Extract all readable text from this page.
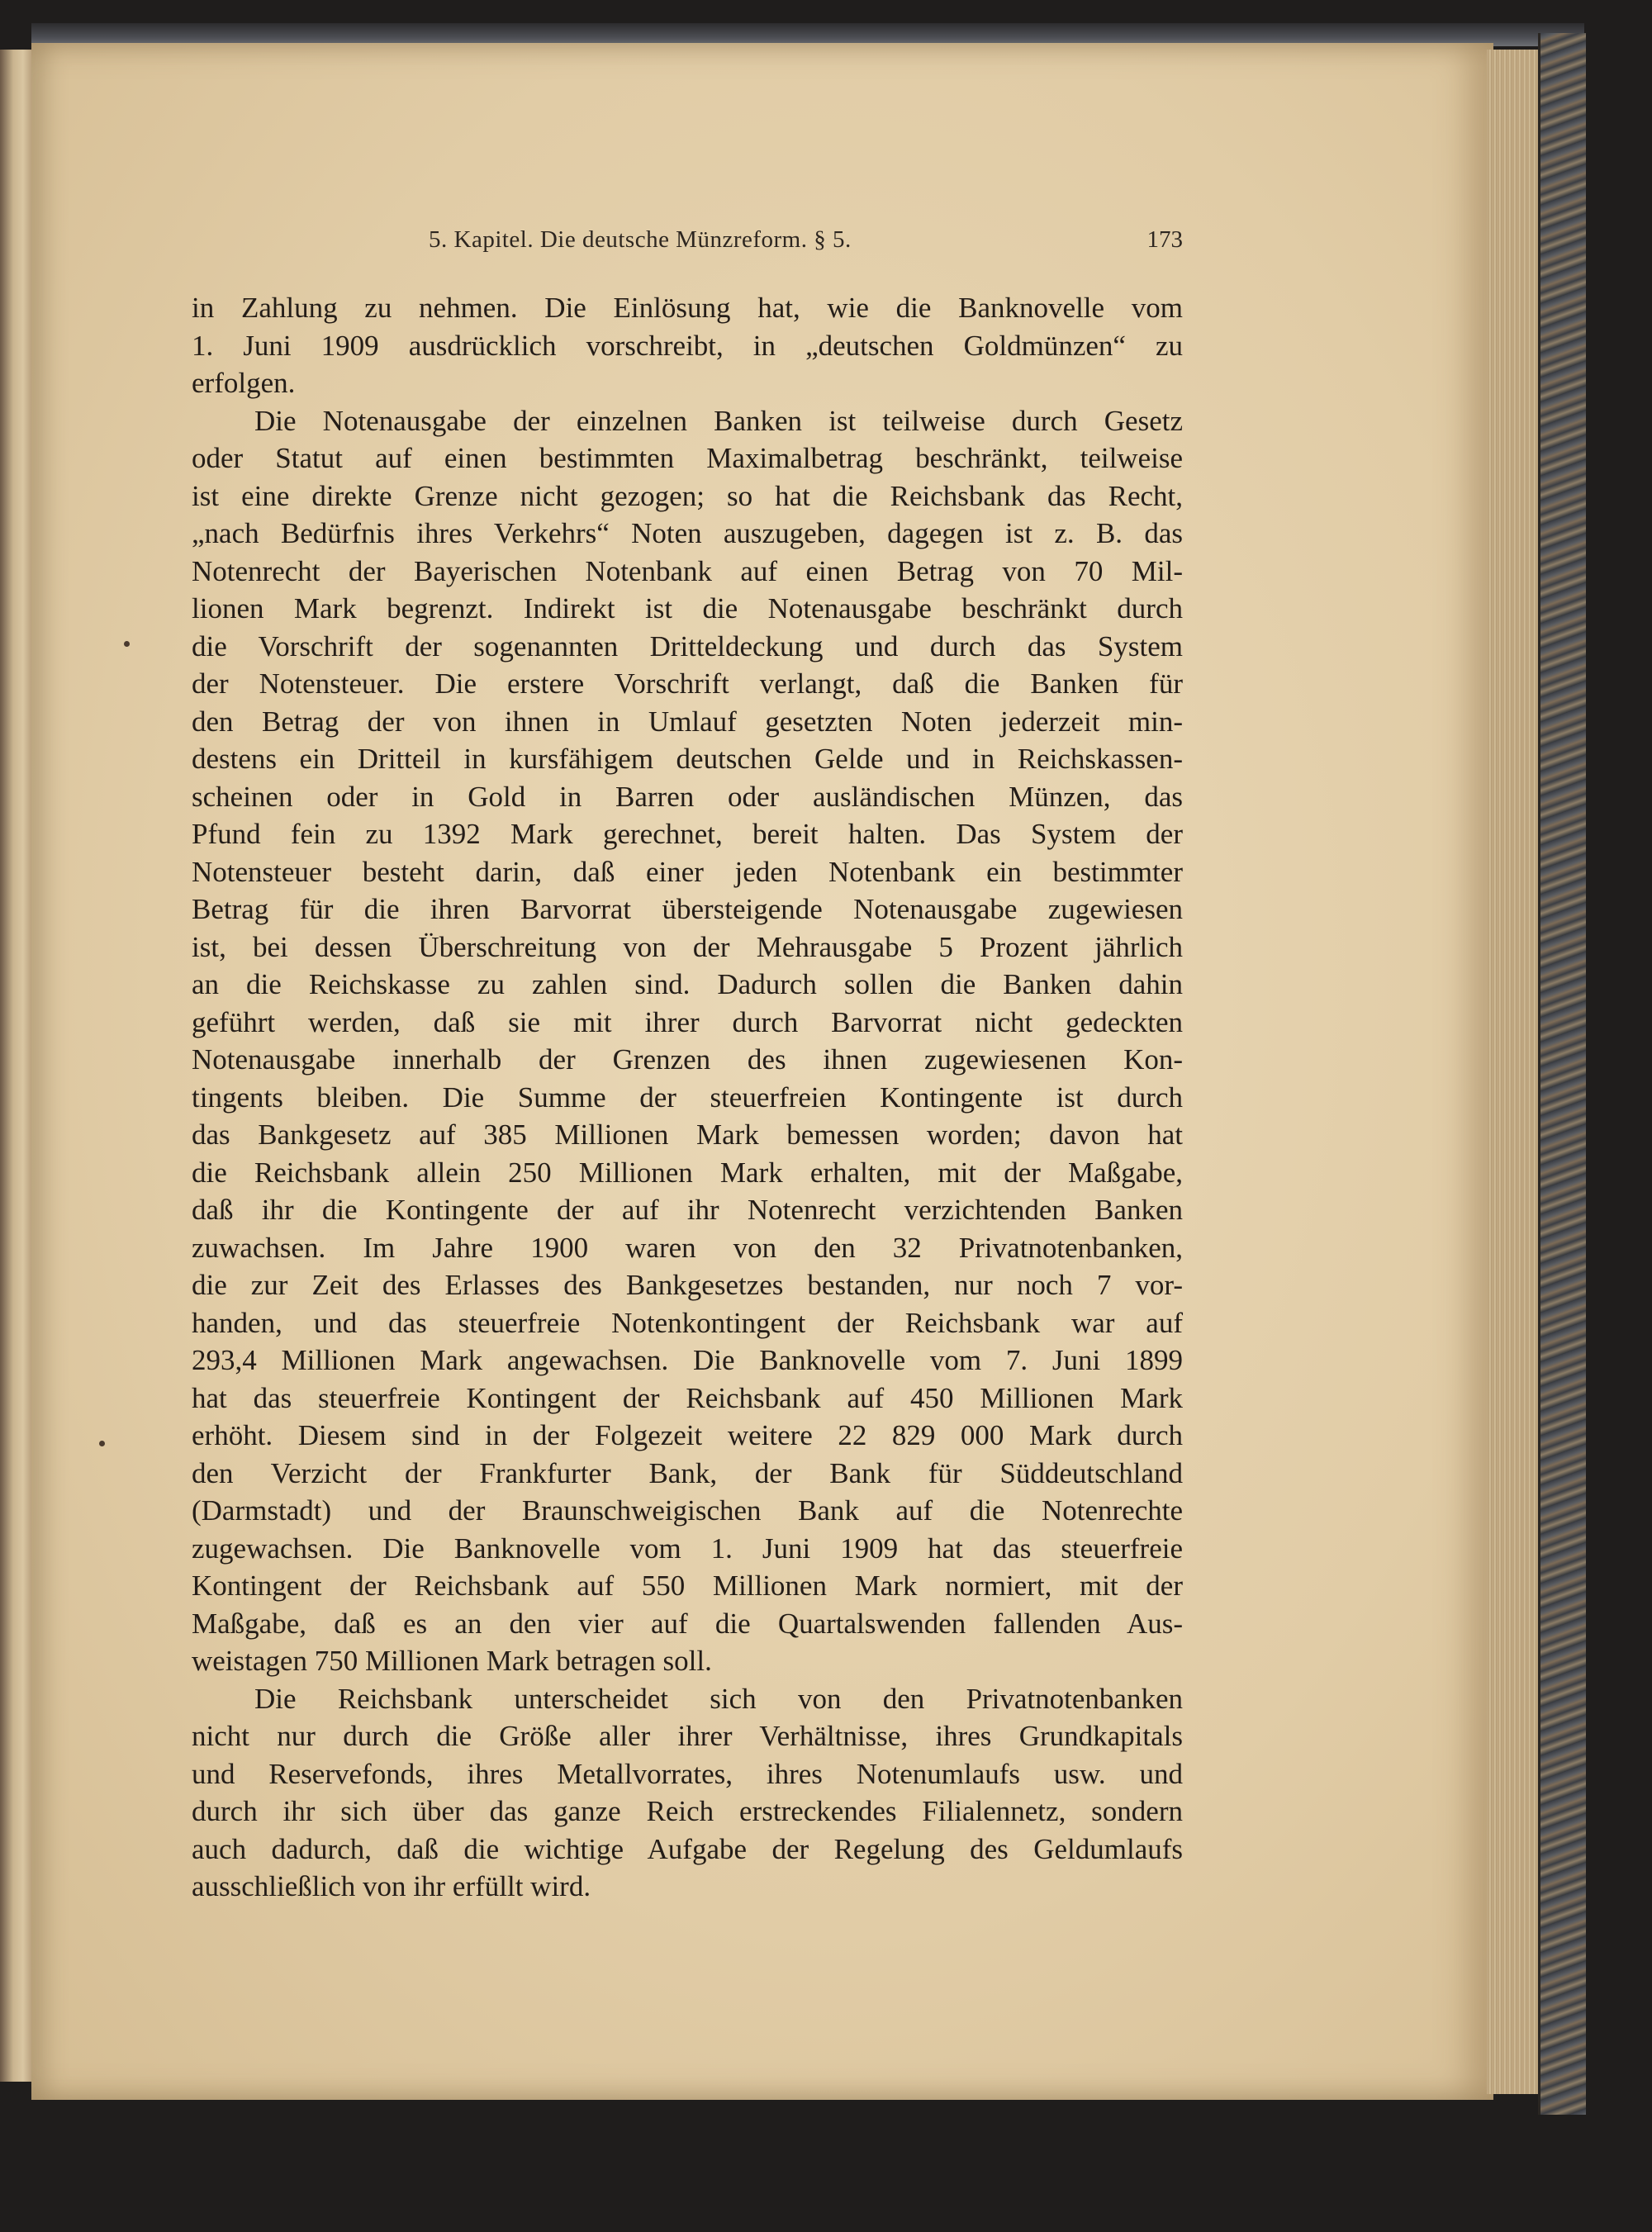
5. Kapitel. Die deutsche Münzreform. § 5.	173
in Zahlung zu nehmen. Die Einlösung hat, wie die Banknovelle vom
1. Juni 1909 ausdrücklich vorschreibt, in „deutschen Goldmünzen“ zu
erfolgen.
Die Notenausgabe der einzelnen Banken ist teilweise durch Gesetz
oder Statut auf einen bestimmten Maximalbetrag beschränkt, teilweise
ist eine direkte Grenze nicht gezogen; so hat die Reichsbank das Recht,
„nach Bedürfnis ihres Verkehrs“ Noten auszugeben, dagegen ist z. B. das
Notenrecht der Bayerischen Notenbank auf einen Betrag von 70 Mil-
lionen Mark begrenzt. Indirekt ist die Notenausgabe beschränkt durch
die Vorschrift der sogenannten Dritteldeckung und durch das System
der Notensteuer. Die erstere Vorschrift verlangt, daß die Banken für
den Betrag der von ihnen in Umlauf gesetzten Noten jederzeit min-
destens ein Dritteil in kursfähigem deutschen Gelde und in Reichskassen-
scheinen oder in Gold in Barren oder ausländischen Münzen, das
Pfund fein zu 1392 Mark gerechnet, bereit halten. Das System der
Notensteuer besteht darin, daß einer jeden Notenbank ein bestimmter
Betrag für die ihren Barvorrat übersteigende Notenausgabe zugewiesen
ist, bei dessen Überschreitung von der Mehrausgabe 5 Prozent jährlich
an die Reichskasse zu zahlen sind. Dadurch sollen die Banken dahin
geführt werden, daß sie mit ihrer durch Barvorrat nicht gedeckten
Notenausgabe innerhalb der Grenzen des ihnen zugewiesenen Kon-
tingents bleiben. Die Summe der steuerfreien Kontingente ist durch
das Bankgesetz auf 385 Millionen Mark bemessen worden; davon hat
die Reichsbank allein 250 Millionen Mark erhalten, mit der Maßgabe,
daß ihr die Kontingente der auf ihr Notenrecht verzichtenden Banken
zuwachsen. Im Jahre 1900 waren von den 32 Privatnotenbanken,
die zur Zeit des Erlasses des Bankgesetzes bestanden, nur noch 7 vor-
handen, und das steuerfreie Notenkontingent der Reichsbank war auf
293,4 Millionen Mark angewachsen. Die Banknovelle vom 7. Juni 1899
hat das steuerfreie Kontingent der Reichsbank auf 450 Millionen Mark
erhöht. Diesem sind in der Folgezeit weitere 22 829 000 Mark durch
den Verzicht der Frankfurter Bank, der Bank für Süddeutschland
(Darmstadt) und der Braunschweigischen Bank auf die Notenrechte
zugewachsen. Die Banknovelle vom 1. Juni 1909 hat das steuerfreie
Kontingent der Reichsbank auf 550 Millionen Mark normiert, mit der
Maßgabe, daß es an den vier auf die Quartalswenden fallenden Aus-
weistagen 750 Millionen Mark betragen soll.
Die Reichsbank unterscheidet sich von den Privatnotenbanken
nicht nur durch die Größe aller ihrer Verhältnisse, ihres Grundkapitals
und Reservefonds, ihres Metallvorrates, ihres Notenumlaufs usw. und
durch ihr sich über das ganze Reich erstreckendes Filialennetz, sondern
auch dadurch, daß die wichtige Aufgabe der Regelung des Geldumlaufs
ausschließlich von ihr erfüllt wird.
